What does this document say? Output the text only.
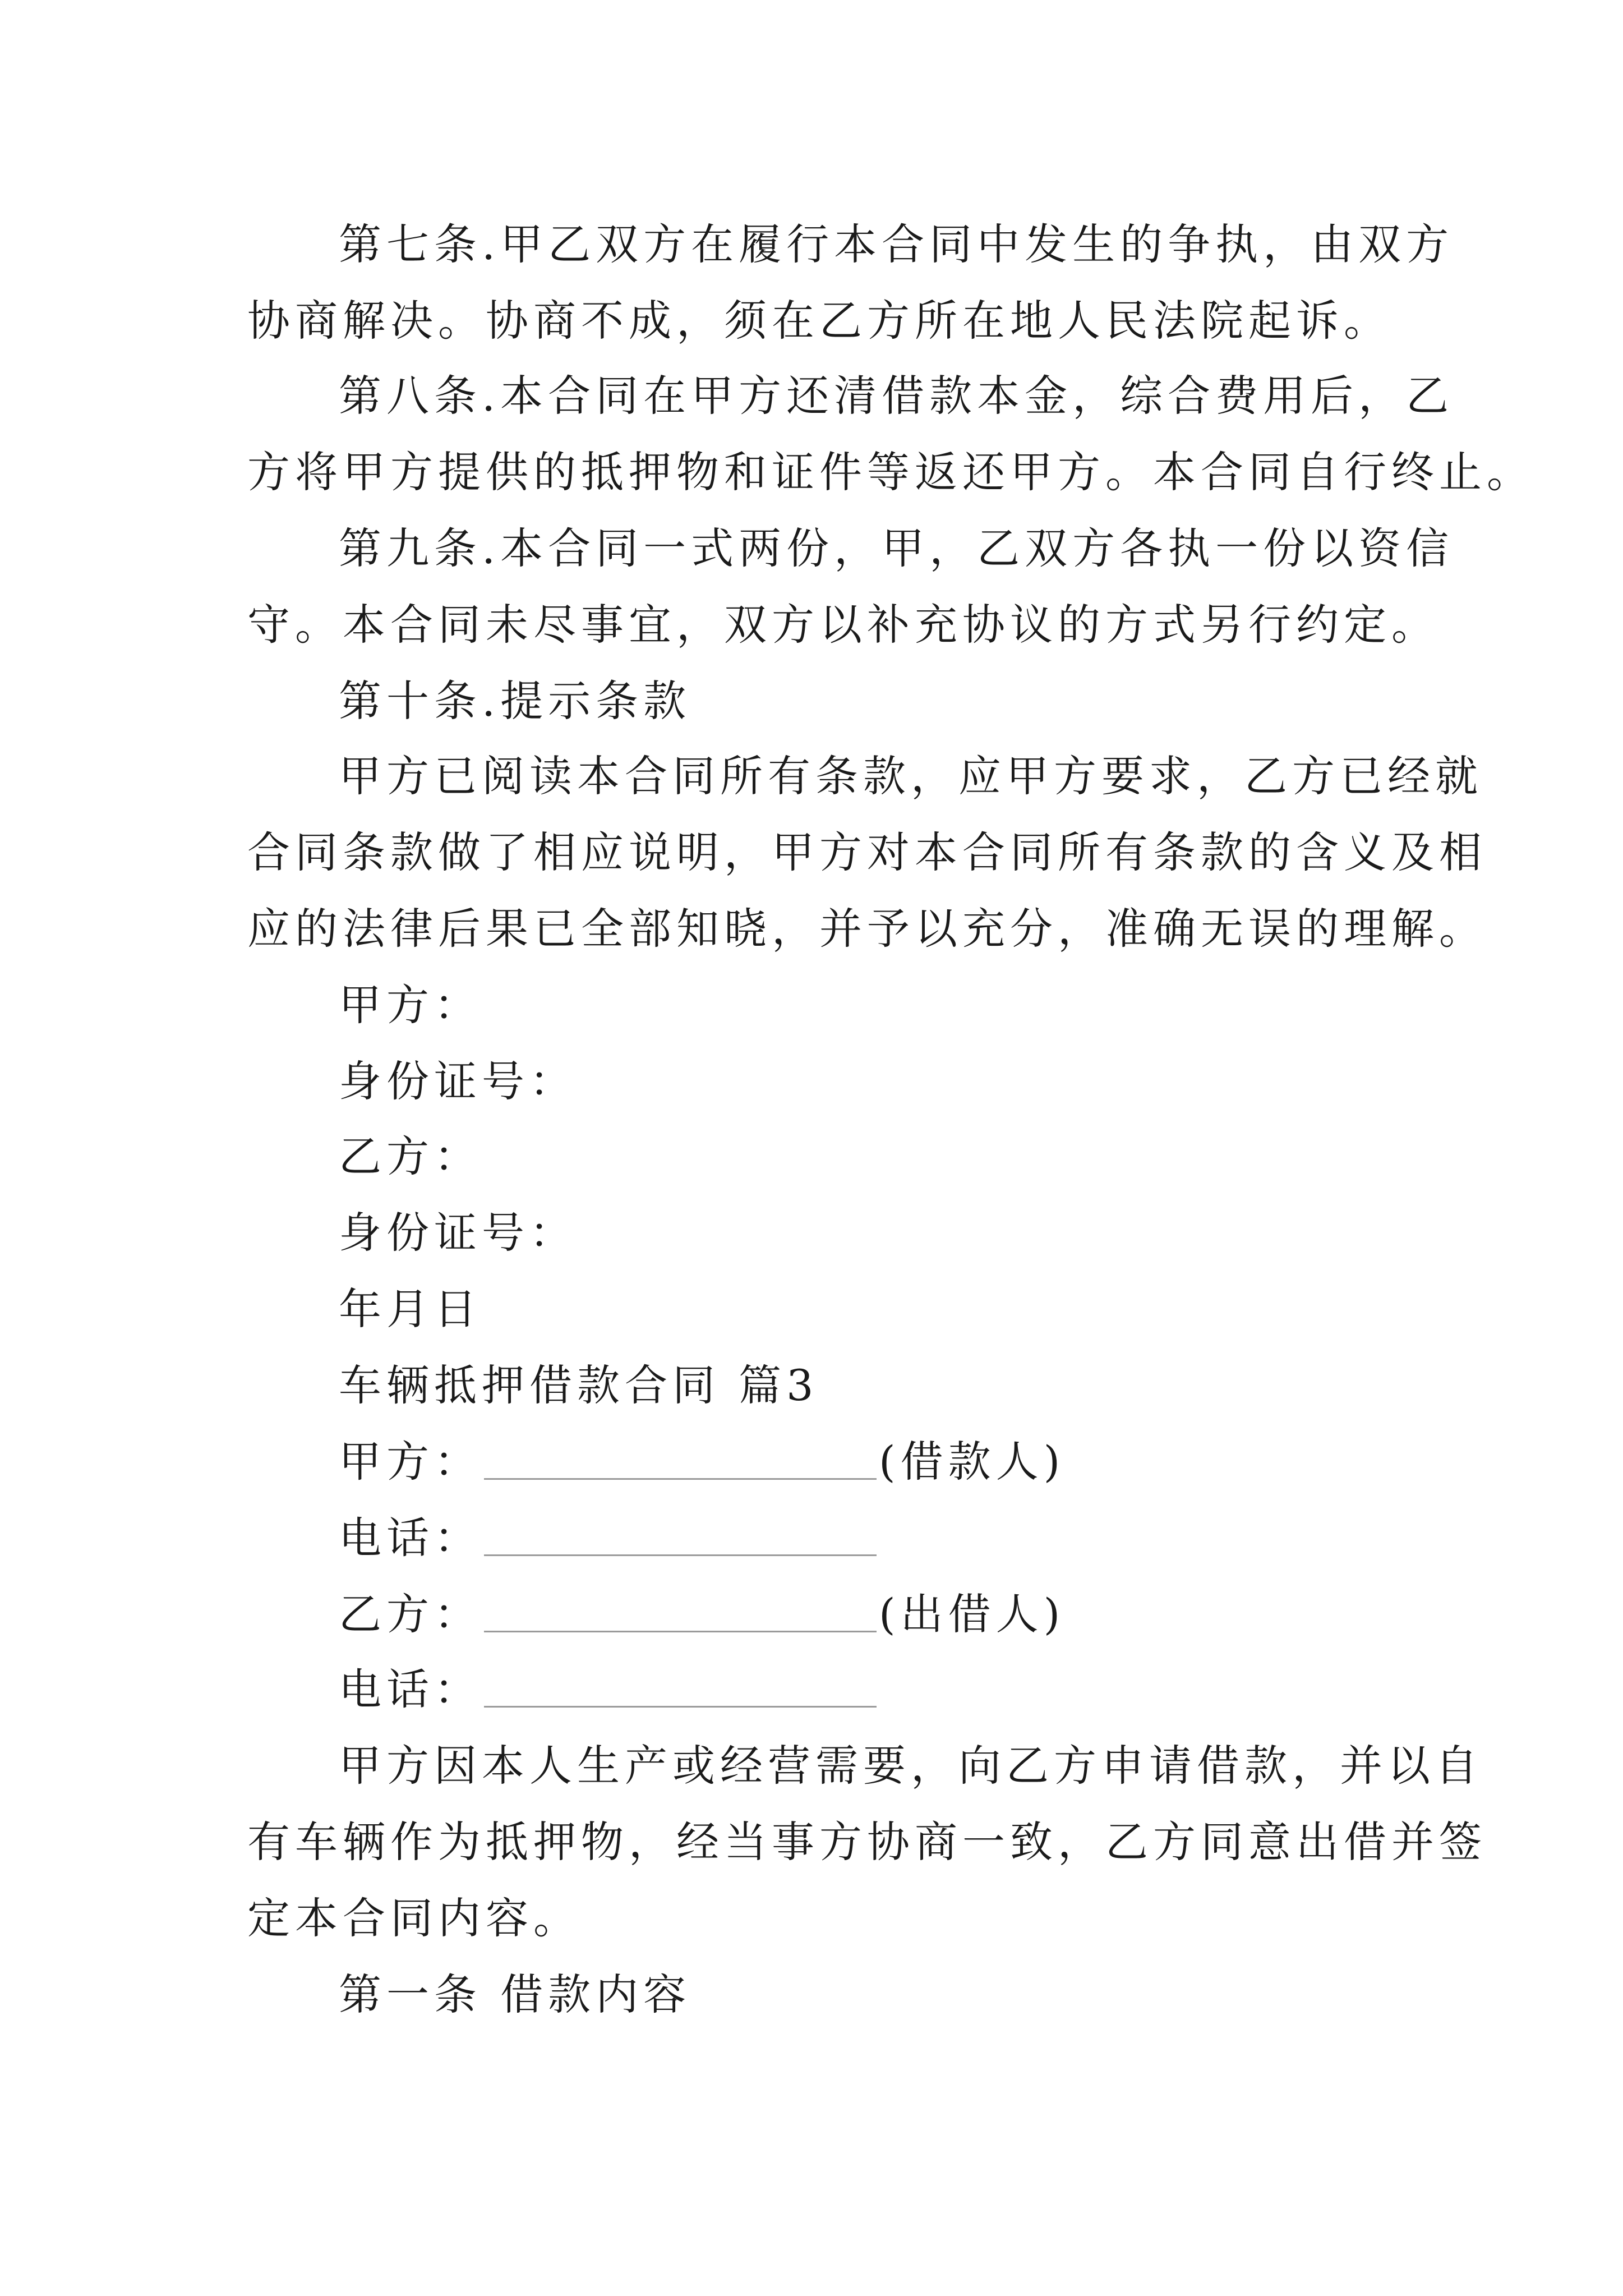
第七条.甲乙双方在履行本合同中发生的争执，由双方
协商解决。协商不成，须在乙方所在地人民法院起诉。
第八条.本合同在甲方还清借款本金，综合费用后，乙
方将甲方提供的抵押物和证件等返还甲方。本合同自行终止。
第九条.本合同一式两份，甲，乙双方各执一份以资信
守。本合同未尽事宜，双方以补充协议的方式另行约定。
第十条.提示条款
甲方已阅读本合同所有条款，应甲方要求，乙方已经就
合同条款做了相应说明，甲方对本合同所有条款的含义及相
应的法律后果已全部知晓，并予以充分，准确无误的理解。
甲方：
身份证号：
乙方：
身份证号：
年月日
车辆抵押借款合同 篇3
甲方：	(借款人)
电话：
乙方：	(出借人)
电话：
甲方因本人生产或经营需要，向乙方申请借款，并以自
有车辆作为抵押物，经当事方协商一致，乙方同意出借并签
定本合同内容。
第一条 借款内容
